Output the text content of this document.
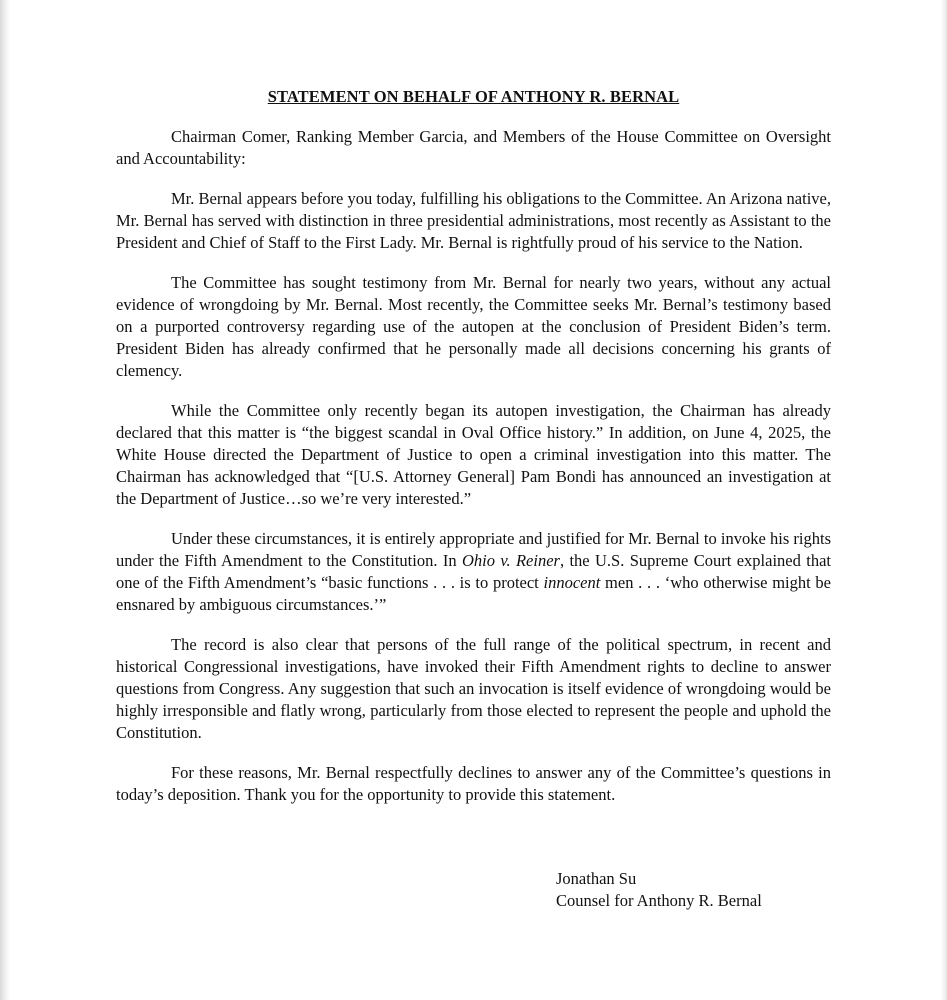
STATEMENT ON BEHALF OF ANTHONY R. BERNAL

Chairman Comer, Ranking Member Garcia, and Members of the House Committee on Oversight and Accountability:

Mr. Bernal appears before you today, fulfilling his obligations to the Committee. An Arizona native, Mr. Bernal has served with distinction in three presidential administrations, most recently as Assistant to the President and Chief of Staff to the First Lady. Mr. Bernal is rightfully proud of his service to the Nation.

The Committee has sought testimony from Mr. Bernal for nearly two years, without any actual evidence of wrongdoing by Mr. Bernal. Most recently, the Committee seeks Mr. Bernal’s testimony based on a purported controversy regarding use of the autopen at the conclusion of President Biden’s term. President Biden has already confirmed that he personally made all decisions concerning his grants of clemency.

While the Committee only recently began its autopen investigation, the Chairman has already declared that this matter is “the biggest scandal in Oval Office history.” In addition, on June 4, 2025, the White House directed the Department of Justice to open a criminal investigation into this matter. The Chairman has acknowledged that “[U.S. Attorney General] Pam Bondi has announced an investigation at the Department of Justice…so we’re very interested.”

Under these circumstances, it is entirely appropriate and justified for Mr. Bernal to invoke his rights under the Fifth Amendment to the Constitution. In Ohio v. Reiner, the U.S. Supreme Court explained that one of the Fifth Amendment’s “basic functions . . . is to protect innocent men . . . ‘who otherwise might be ensnared by ambiguous circumstances.’”

The record is also clear that persons of the full range of the political spectrum, in recent and historical Congressional investigations, have invoked their Fifth Amendment rights to decline to answer questions from Congress. Any suggestion that such an invocation is itself evidence of wrongdoing would be highly irresponsible and flatly wrong, particularly from those elected to represent the people and uphold the Constitution.

For these reasons, Mr. Bernal respectfully declines to answer any of the Committee’s questions in today’s deposition. Thank you for the opportunity to provide this statement.

Jonathan Su
Counsel for Anthony R. Bernal
